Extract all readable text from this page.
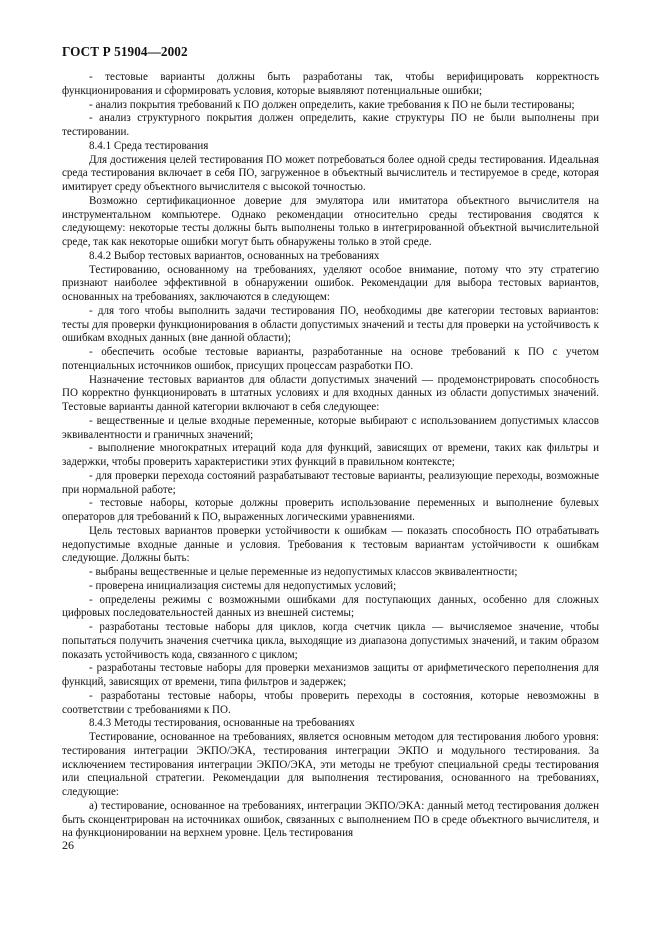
ГОСТ Р 51904—2002

- тестовые варианты должны быть разработаны так, чтобы верифицировать корректность функционирования и сформировать условия, которые выявляют потенциальные ошибки;

- анализ покрытия требований к ПО должен определить, какие требования к ПО не были тестированы;

- анализ структурного покрытия должен определить, какие структуры ПО не были выполнены при тестировании.

8.4.1 Среда тестирования

Для достижения целей тестирования ПО может потребоваться более одной среды тестирования. Идеальная среда тестирования включает в себя ПО, загруженное в объектный вычислитель и тестируемое в среде, которая имитирует среду объектного вычислителя с высокой точностью.

Возможно сертификационное доверие для эмулятора или имитатора объектного вычислителя на инструментальном компьютере. Однако рекомендации относительно среды тестирования сводятся к следующему: некоторые тесты должны быть выполнены только в интегрированной объектной вычислительной среде, так как некоторые ошибки могут быть обнаружены только в этой среде.

8.4.2 Выбор тестовых вариантов, основанных на требованиях

Тестированию, основанному на требованиях, уделяют особое внимание, потому что эту стратегию признают наиболее эффективной в обнаружении ошибок. Рекомендации для выбора тестовых вариантов, основанных на требованиях, заключаются в следующем:

- для того чтобы выполнить задачи тестирования ПО, необходимы две категории тестовых вариантов: тесты для проверки функционирования в области допустимых значений и тесты для проверки на устойчивость к ошибкам входных данных (вне данной области);

- обеспечить особые тестовые варианты, разработанные на основе требований к ПО с учетом потенциальных источников ошибок, присущих процессам разработки ПО.

Назначение тестовых вариантов для области допустимых значений — продемонстрировать способность ПО корректно функционировать в штатных условиях и для входных данных из области допустимых значений. Тестовые варианты данной категории включают в себя следующее:

- вещественные и целые входные переменные, которые выбирают с использованием допустимых классов эквивалентности и граничных значений;

- выполнение многократных итераций кода для функций, зависящих от времени, таких как фильтры и задержки, чтобы проверить характеристики этих функций в правильном контексте;

- для проверки перехода состояний разрабатывают тестовые варианты, реализующие переходы, возможные при нормальной работе;

- тестовые наборы, которые должны проверить использование переменных и выполнение булевых операторов для требований к ПО, выраженных логическими уравнениями.

Цель тестовых вариантов проверки устойчивости к ошибкам — показать способность ПО отрабатывать недопустимые входные данные и условия. Требования к тестовым вариантам устойчивости к ошибкам следующие. Должны быть:

- выбраны вещественные и целые переменные из недопустимых классов эквивалентности;

- проверена инициализация системы для недопустимых условий;

- определены режимы с возможными ошибками для поступающих данных, особенно для сложных цифровых последовательностей данных из внешней системы;

- разработаны тестовые наборы для циклов, когда счетчик цикла — вычисляемое значение, чтобы попытаться получить значения счетчика цикла, выходящие из диапазона допустимых значений, и таким образом показать устойчивость кода, связанного с циклом;

- разработаны тестовые наборы для проверки механизмов защиты от арифметического переполнения для функций, зависящих от времени, типа фильтров и задержек;

- разработаны тестовые наборы, чтобы проверить переходы в состояния, которые невозможны в соответствии с требованиями к ПО.

8.4.3 Методы тестирования, основанные на требованиях

Тестирование, основанное на требованиях, является основным методом для тестирования любого уровня: тестирования интеграции ЭКПО/ЭКА, тестирования интеграции ЭКПО и модульного тестирования. За исключением тестирования интеграции ЭКПО/ЭКА, эти методы не требуют специальной среды тестирования или специальной стратегии. Рекомендации для выполнения тестирования, основанного на требованиях, следующие:

а) тестирование, основанное на требованиях, интеграции ЭКПО/ЭКА: данный метод тестирования должен быть сконцентрирован на источниках ошибок, связанных с выполнением ПО в среде объектного вычислителя, и на функционировании на верхнем уровне. Цель тестирования

26
